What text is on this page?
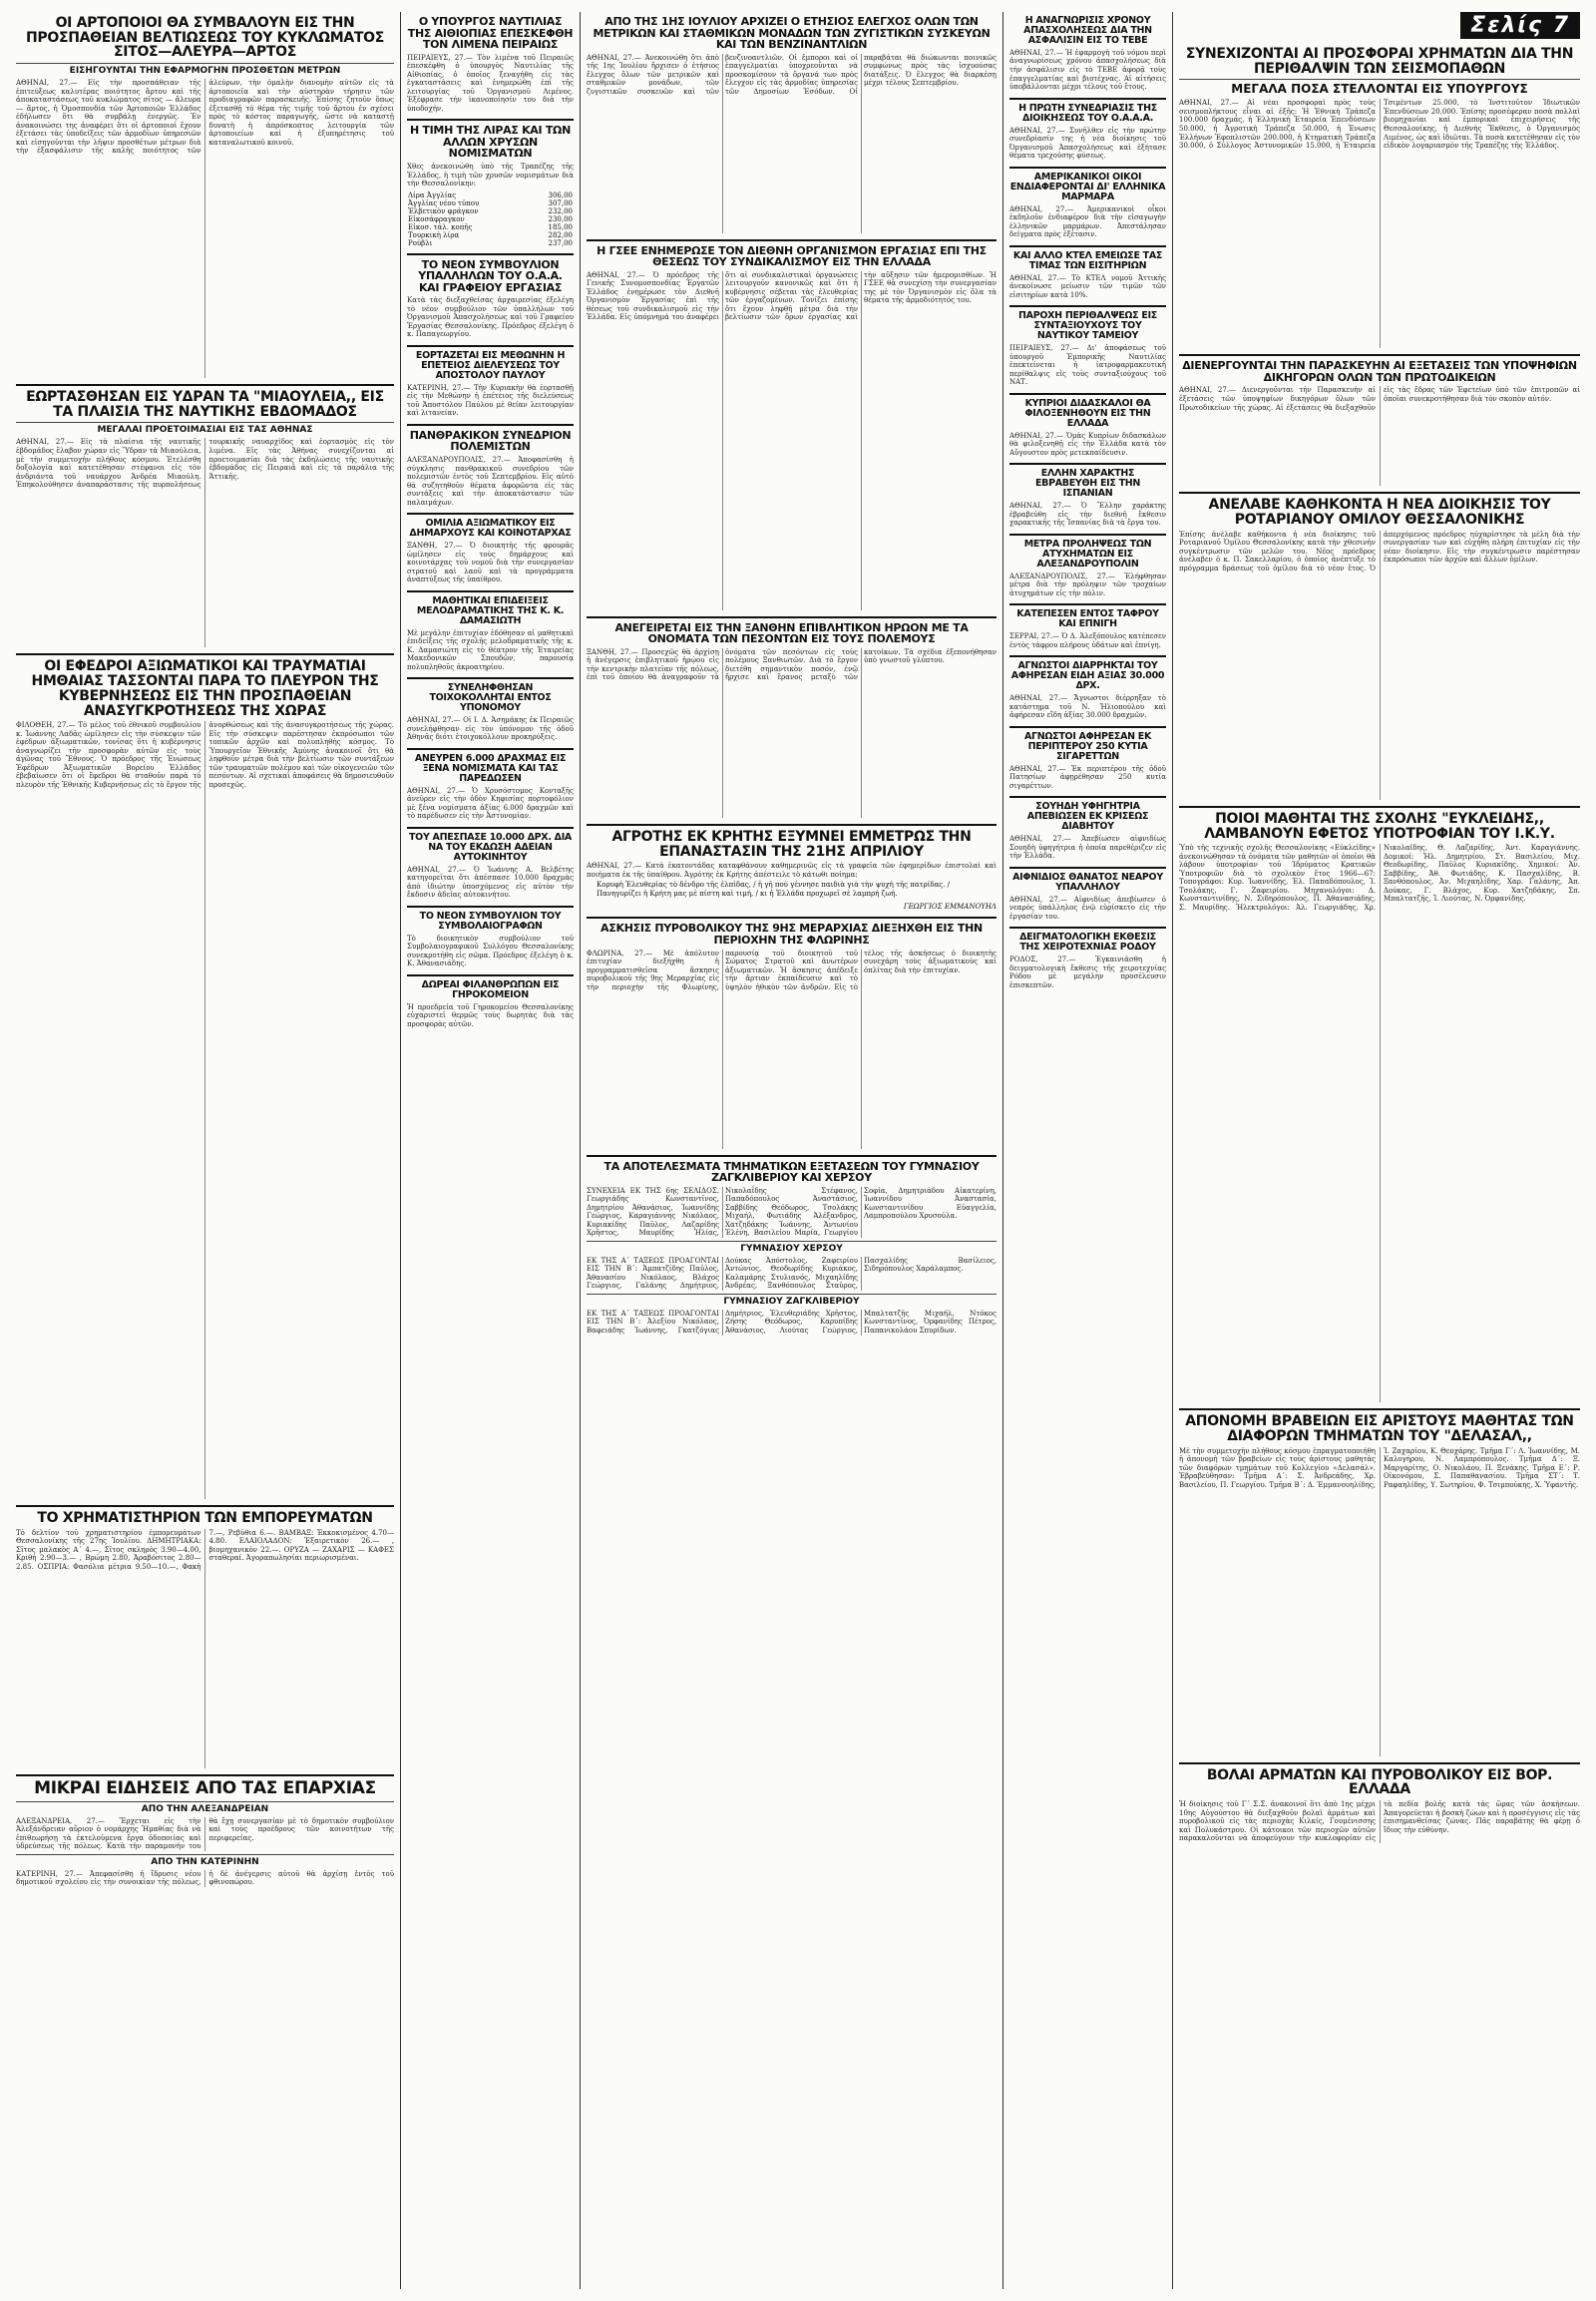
ΟΙ ΑΡΤΟΠΟΙΟΙ ΘΑ ΣΥΜΒΑΛΟΥΝ ΕΙΣ ΤΗΝ ΠΡΟΣΠΑΘΕΙΑΝ ΒΕΛΤΙΩΣΕΩΣ ΤΟΥ ΚΥΚΛΩΜΑΤΟΣ ΣΙΤΟΣ—ΑΛΕΥΡΑ—ΑΡΤΟΣ
ΕΙΣΗΓΟΥΝΤΑΙ ΤΗΝ ΕΦΑΡΜΟΓΗΝ ΠΡΟΣΘΕΤΩΝ ΜΕΤΡΩΝ
ΑΘΗΝΑΙ, 27.— Εἰς τὴν προσπάθειαν τῆς ἐπιτεύξεως καλυτέρας ποιότητος ἄρτου καὶ τῆς ἀποκαταστάσεως τοῦ κυκλώματος σῖτος — ἄλευρα — ἄρτος, ἡ Ὁμοσπονδία τῶν Ἀρτοποιῶν Ἑλλάδος ἐδήλωσεν ὅτι θὰ συμβάλῃ ἐνεργῶς. Ἐν ἀνακοινώσει της ἀναφέρει ὅτι οἱ ἀρτοποιοὶ ἔχουν ἐξετάσει τὰς ὑποδείξεις τῶν ἁρμοδίων ὑπηρεσιῶν καὶ εἰσηγοῦνται τὴν λῆψιν προσθέτων μέτρων διὰ τὴν ἐξασφάλισιν τῆς καλῆς ποιότητος τῶν ἀλεύρων, τὴν ὁμαλὴν διανομὴν αὐτῶν εἰς τὰ ἀρτοποιεῖα καὶ τὴν αὐστηρὰν τήρησιν τῶν προδιαγραφῶν παρασκευῆς. Ἐπίσης ζητοῦν ὅπως ἐξετασθῇ τὸ θέμα τῆς τιμῆς τοῦ ἄρτου ἐν σχέσει πρὸς τὸ κόστος παραγωγῆς, ὥστε νὰ καταστῇ δυνατὴ ἡ ἀπρόσκοπτος λειτουργία τῶν ἀρτοποιείων καὶ ἡ ἐξυπηρέτησις τοῦ καταναλωτικοῦ κοινοῦ.
ΕΩΡΤΑΣΘΗΣΑΝ ΕΙΣ ΥΔΡΑΝ ΤΑ "ΜΙΑΟΥΛΕΙΑ,, ΕΙΣ ΤΑ ΠΛΑΙΣΙΑ ΤΗΣ ΝΑΥΤΙΚΗΣ ΕΒΔΟΜΑΔΟΣ
ΜΕΓΑΛΑΙ ΠΡΟΕΤΟΙΜΑΣΙΑΙ ΕΙΣ ΤΑΣ ΑΘΗΝΑΣ
ΑΘΗΝΑΙ, 27.— Εἰς τὰ πλαίσια τῆς ναυτικῆς ἑβδομάδος ἔλαβον χώραν εἰς Ὕδραν τὰ Μιαούλεια, μὲ τὴν συμμετοχὴν πλήθους κόσμου. Ἐτελέσθη δοξολογία καὶ κατετέθησαν στέφανοι εἰς τὸν ἀνδριάντα τοῦ ναυάρχου Ἀνδρέα Μιαούλη. Ἐπηκολούθησεν ἀναπαράστασις τῆς πυρπολήσεως τουρκικῆς ναυαρχίδος καὶ ἑορτασμὸς εἰς τὸν λιμένα. Εἰς τὰς Ἀθήνας συνεχίζονται αἱ προετοιμασίαι διὰ τὰς ἐκδηλώσεις τῆς ναυτικῆς ἑβδομάδος εἰς Πειραιᾶ καὶ εἰς τὰ παράλια τῆς Ἀττικῆς.
ΟΙ ΕΦΕΔΡΟΙ ΑΞΙΩΜΑΤΙΚΟΙ ΚΑΙ ΤΡΑΥΜΑΤΙΑΙ ΗΜΘΑΙΑΣ ΤΑΣΣΟΝΤΑΙ ΠΑΡΑ ΤΟ ΠΛΕΥΡΟΝ ΤΗΣ ΚΥΒΕΡΝΗΣΕΩΣ ΕΙΣ ΤΗΝ ΠΡΟΣΠΑΘΕΙΑΝ ΑΝΑΣΥΓΚΡΟΤΗΣΕΩΣ ΤΗΣ ΧΩΡΑΣ
ΦΙΛΟΘΕΗ, 27.— Τὸ μέλος τοῦ ἐθνικοῦ συμβουλίου κ. Ἰωάννης Λαδᾶς ὡμίλησεν εἰς τὴν σύσκεψιν τῶν ἐφέδρων ἀξιωματικῶν, τονίσας ὅτι ἡ κυβέρνησις ἀναγνωρίζει τὴν προσφορὰν αὐτῶν εἰς τοὺς ἀγῶνας τοῦ Ἔθνους. Ὁ πρόεδρος τῆς Ἑνώσεως Ἐφέδρων Ἀξιωματικῶν Βορείου Ἑλλάδος ἐβεβαίωσεν ὅτι οἱ ἔφεδροι θὰ σταθοῦν παρὰ τὸ πλευρὸν τῆς Ἐθνικῆς Κυβερνήσεως εἰς τὸ ἔργον τῆς ἀνορθώσεως καὶ τῆς ἀνασυγκροτήσεως τῆς χώρας. Εἰς τὴν σύσκεψιν παρέστησαν ἐκπρόσωποι τῶν τοπικῶν ἀρχῶν καὶ πολυπληθὴς κόσμος. Τὸ Ὑπουργεῖον Ἐθνικῆς Ἀμύνης ἀνακοινοῖ ὅτι θὰ ληφθοῦν μέτρα διὰ τὴν βελτίωσιν τῶν συντάξεων τῶν τραυματιῶν πολέμου καὶ τῶν οἰκογενειῶν τῶν πεσόντων. Αἱ σχετικαὶ ἀποφάσεις θὰ δημοσιευθοῦν προσεχῶς.
ΤΟ ΧΡΗΜΑΤΙΣΤΗΡΙΟΝ ΤΩΝ ΕΜΠΟΡΕΥΜΑΤΩΝ
Τὸ δελτίον τοῦ χρηματιστηρίου ἐμπορευμάτων Θεσσαλονίκης τῆς 27ης Ἰουλίου. ΔΗΜΗΤΡΙΑΚΑ: Σῖτος μαλακὸς Α΄ 4.—, Σῖτος σκληρὸς 3.90—4.00, Κριθὴ 2.90—3.— , Βρώμη 2.80, Ἀραβόσιτος 2.80—2.85. ΟΣΠΡΙΑ: Φασόλια μέτρια 9.50—10.—, Φακὴ 7.—, Ρεβύθια 6.—. ΒΑΜΒΑΞ: Ἐκκοκισμένος 4.70—4.80. ΕΛΑΙΟΛΑΔΟΝ: Ἐξαιρετικὸν 26.— , βιομηχανικὸν 22.—. ΟΡΥΖΑ — ΖΑΧΑΡΙΣ — ΚΑΦΕΣ σταθεραί. Ἀγοραπωλησίαι περιωρισμέναι.
ΜΙΚΡΑΙ ΕΙΔΗΣΕΙΣ ΑΠΟ ΤΑΣ ΕΠΑΡΧΙΑΣ
ΑΠΟ ΤΗΝ ΑΛΕΞΑΝΔΡΕΙΑΝ
ΑΛΕΞΑΝΔΡΕΙΑ, 27.— Ἔρχεται εἰς τὴν Ἀλεξάνδρειαν αὔριον ὁ νομάρχης Ἠμαθίας διὰ νὰ ἐπιθεωρήσῃ τὰ ἐκτελούμενα ἔργα ὀδοποιίας καὶ ὑδρεύσεως τῆς πόλεως. Κατὰ τὴν παραμονήν του θὰ ἔχῃ συνεργασίαν μὲ τὸ δημοτικὸν συμβούλιον καὶ τοὺς προέδρους τῶν κοινοτήτων τῆς περιφερείας.
ΑΠΟ ΤΗΝ ΚΑΤΕΡΙΝΗΝ
ΚΑΤΕΡΙΝΗ, 27.— Ἀπεφασίσθη ἡ ἵδρυσις νέου δημοτικοῦ σχολείου εἰς τὴν συνοικίαν τῆς πόλεως, ἡ δὲ ἀνέγερσις αὐτοῦ θὰ ἀρχίσῃ ἐντὸς τοῦ φθινοπώρου.
Ο ΥΠΟΥΡΓΟΣ ΝΑΥΤΙΛΙΑΣ ΤΗΣ ΑΙΘΙΟΠΙΑΣ ΕΠΕΣΚΕΦΘΗ ΤΟΝ ΛΙΜΕΝΑ ΠΕΙΡΑΙΩΣ
ΠΕΙΡΑΙΕΥΣ, 27.— Τὸν λιμένα τοῦ Πειραιῶς ἐπεσκέφθη ὁ ὑπουργὸς Ναυτιλίας τῆς Αἰθιοπίας, ὁ ὁποῖος ξεναγήθη εἰς τὰς ἐγκαταστάσεις καὶ ἐνημερώθη ἐπὶ τῆς λειτουργίας τοῦ Ὀργανισμοῦ Λιμένος. Ἐξέφρασε τὴν ἱκανοποίησίν του διὰ τὴν ὑποδοχήν.
Η ΤΙΜΗ ΤΗΣ ΛΙΡΑΣ ΚΑΙ ΤΩΝ ΑΛΛΩΝ ΧΡΥΣΩΝ ΝΟΜΙΣΜΑΤΩΝ
Χθες ἀνεκοινώθη ὑπὸ τῆς Τραπέζης τῆς Ἑλλάδος, ἡ τιμὴ τῶν χρυσῶν νομισμάτων διὰ τὴν Θεσσαλονίκην:
Λίρα Ἀγγλίας	306,00
Ἀγγλίας νέου τύπου	307,00
Ἑλβετικὸν φράγκον	232,00
Εἰκοσάφραγκον	230,00
Εἰκοσ. τάλ. κοπῆς	185,00
Τουρκικὴ λίρα	282,00
Ρούβλι	237,00
ΤΟ ΝΕΟΝ ΣΥΜΒΟΥΛΙΟΝ ΥΠΑΛΛΗΛΩΝ ΤΟΥ Ο.Α.Α. ΚΑΙ ΓΡΑΦΕΙΟΥ ΕΡΓΑΣΙΑΣ
Κατὰ τὰς διεξαχθείσας ἀρχαιρεσίας ἐξελέγη τὸ νέον συμβούλιον τῶν ὑπαλλήλων τοῦ Ὀργανισμοῦ Ἀπασχολήσεως καὶ τοῦ Γραφείου Ἐργασίας Θεσσαλονίκης. Πρόεδρος ἐξελέγη ὁ κ. Παπαγεωργίου.
ΕΟΡΤΑΖΕΤΑΙ ΕΙΣ ΜΕΘΩΝΗΝ Η ΕΠΕΤΕΙΟΣ ΔΙΕΛΕΥΣΕΩΣ ΤΟΥ ΑΠΟΣΤΟΛΟΥ ΠΑΥΛΟΥ
ΚΑΤΕΡΙΝΗ, 27.— Τὴν Κυριακὴν θὰ ἑορτασθῇ εἰς τὴν Μεθώνην ἡ ἐπέτειος τῆς διελεύσεως τοῦ Ἀποστόλου Παύλου μὲ θείαν λειτουργίαν καὶ λιτανείαν.
ΠΑΝΘΡΑΚΙΚΟΝ ΣΥΝΕΔΡΙΟΝ ΠΟΛΕΜΙΣΤΩΝ
ΑΛΕΞΑΝΔΡΟΥΠΟΛΙΣ, 27.— Ἀποφασίσθη ἡ σύγκλησις πανθρακικοῦ συνεδρίου τῶν πολεμιστῶν ἐντὸς τοῦ Σεπτεμβρίου. Εἰς αὐτὸ θὰ συζητηθοῦν θέματα ἀφορῶντα εἰς τὰς συντάξεις καὶ τὴν ἀποκατάστασιν τῶν παλαιμάχων.
ΟΜΙΛΙΑ ΑΞΙΩΜΑΤΙΚΟΥ ΕΙΣ ΔΗΜΑΡΧΟΥΣ ΚΑΙ ΚΟΙΝΟΤΑΡΧΑΣ
ΞΑΝΘΗ, 27.— Ὁ διοικητὴς τῆς φρουρᾶς ὡμίλησεν εἰς τοὺς δημάρχους καὶ κοινοτάρχας τοῦ νομοῦ διὰ τὴν συνεργασίαν στρατοῦ καὶ λαοῦ καὶ τὰ προγράμματα ἀναπτύξεως τῆς ὑπαίθρου.
ΜΑΘΗΤΙΚΑΙ ΕΠΙΔΕΙΞΕΙΣ ΜΕΛΟΔΡΑΜΑΤΙΚΗΣ ΤΗΣ Κ. Κ. ΔΑΜΑΣΙΩΤΗ
Μὲ μεγάλην ἐπιτυχίαν ἐδόθησαν αἱ μαθητικαὶ ἐπιδείξεις τῆς σχολῆς μελοδραματικῆς τῆς κ. Κ. Δαμασιώτη εἰς τὸ θέατρον τῆς Ἑταιρείας Μακεδονικῶν Σπουδῶν, παρουσίᾳ πολυπληθοῦς ἀκροατηρίου.
ΣΥΝΕΛΗΦΘΗΣΑΝ ΤΟΙΧΟΚΟΛΛΗΤΑΙ ΕΝΤΟΣ ΥΠΟΝΟΜΟΥ
ΑΘΗΝΑΙ, 27.— Οἱ Ι. Δ. Ἀσημάκης ἐκ Πειραιῶς συνελήφθησαν εἰς τὸν ὑπόνομον τῆς ὁδοῦ Ἀθηνᾶς διότι ἐτοιχοκόλλουν προκηρύξεις.
ΑΝΕΥΡΕΝ 6.000 ΔΡΑΧΜΑΣ ΕΙΣ ΞΕΝΑ ΝΟΜΙΣΜΑΤΑ ΚΑΙ ΤΑΣ ΠΑΡΕΔΩΣΕΝ
ΑΘΗΝΑΙ, 27.— Ὁ Χρυσόστομος Κονταξῆς ἀνεῦρεν εἰς τὴν ὁδὸν Κηφισίας πορτοφόλιον μὲ ξένα νομίσματα ἀξίας 6.000 δραχμῶν καὶ τὸ παρέδωσεν εἰς τὴν Ἀστυνομίαν.
ΤΟΥ ΑΠΕΣΠΑΣΕ 10.000 ΔΡΧ. ΔΙΑ ΝΑ ΤΟΥ ΕΚΔΩΣΗ ΑΔΕΙΑΝ ΑΥΤΟΚΙΝΗΤΟΥ
ΑΘΗΝΑΙ, 27.— Ὁ Ἰωάννης Α. Βελβέτης κατηγορεῖται ὅτι ἀπέσπασε 10.000 δραχμὰς ἀπὸ ἰδιώτην ὑποσχόμενος εἰς αὐτὸν τὴν ἔκδοσιν ἀδείας αὐτοκινήτου.
ΤΟ ΝΕΟΝ ΣΥΜΒΟΥΛΙΟΝ ΤΟΥ ΣΥΜΒΟΛΑΙΟΓΡΑΦΩΝ
Τὸ διοικητικὸν συμβούλιον τοῦ Συμβολαιογραφικοῦ Συλλόγου Θεσσαλονίκης συνεκροτήθη εἰς σῶμα. Πρόεδρος ἐξελέγη ὁ κ. Κ. Ἀθανασιάδης.
ΔΩΡΕΑΙ ΦΙΛΑΝΘΡΩΠΩΝ ΕΙΣ ΓΗΡΟΚΟΜΕΙΟΝ
Ἡ προεδρεία τοῦ Γηροκομείου Θεσσαλονίκης εὐχαριστεῖ θερμῶς τοὺς δωρητὰς διὰ τὰς προσφορὰς αὐτῶν.
ΑΠΟ ΤΗΣ 1ΗΣ ΙΟΥΛΙΟΥ ΑΡΧΙΖΕΙ Ο ΕΤΗΣΙΟΣ ΕΛΕΓΧΟΣ ΟΛΩΝ ΤΩΝ ΜΕΤΡΙΚΩΝ ΚΑΙ ΣΤΑΘΜΙΚΩΝ ΜΟΝΑΔΩΝ ΤΩΝ ΖΥΓΙΣΤΙΚΩΝ ΣΥΣΚΕΥΩΝ ΚΑΙ ΤΩΝ ΒΕΝΖΙΝΑΝΤΛΙΩΝ
ΑΘΗΝΑΙ, 27.— Ἀνεκοινώθη ὅτι ἀπὸ τῆς 1ης Ἰουλίου ἤρχισεν ὁ ἐτήσιος ἔλεγχος ὅλων τῶν μετρικῶν καὶ σταθμικῶν μονάδων, τῶν ζυγιστικῶν συσκευῶν καὶ τῶν βενζινοαντλιῶν. Οἱ ἔμποροι καὶ οἱ ἐπαγγελματίαι ὑποχρεοῦνται νὰ προσκομίσουν τὰ ὄργανά των πρὸς ἔλεγχον εἰς τὰς ἁρμοδίας ὑπηρεσίας τῶν Δημοσίων Ἐσόδων. Οἱ παραβάται θὰ διώκωνται ποινικῶς συμφώνως πρὸς τὰς ἰσχυούσας διατάξεις. Ὁ ἔλεγχος θὰ διαρκέσῃ μέχρι τέλους Σεπτεμβρίου.
Η ΓΣΕΕ ΕΝΗΜΕΡΩΣΕ ΤΟΝ ΔΙΕΘΝΗ ΟΡΓΑΝΙΣΜΟΝ ΕΡΓΑΣΙΑΣ ΕΠΙ ΤΗΣ ΘΕΣΕΩΣ ΤΟΥ ΣΥΝΔΙΚΑΛΙΣΜΟΥ ΕΙΣ ΤΗΝ ΕΛΛΑΔΑ
ΑΘΗΝΑΙ, 27.— Ὁ πρόεδρος τῆς Γενικῆς Συνομοσπονδίας Ἐργατῶν Ἑλλάδος ἐνημέρωσε τὸν Διεθνῆ Ὀργανισμὸν Ἐργασίας ἐπὶ τῆς θέσεως τοῦ συνδικαλισμοῦ εἰς τὴν Ἑλλάδα. Εἰς ὑπόμνημά του ἀναφέρει ὅτι αἱ συνδικαλιστικαὶ ὀργανώσεις λειτουργοῦν κανονικῶς καὶ ὅτι ἡ κυβέρνησις σέβεται τὰς ἐλευθερίας τῶν ἐργαζομένων. Τονίζει ἐπίσης ὅτι ἔχουν ληφθῆ μέτρα διὰ τὴν βελτίωσιν τῶν ὅρων ἐργασίας καὶ τὴν αὔξησιν τῶν ἡμερομισθίων. Ἡ ΓΣΕΕ θὰ συνεχίσῃ τὴν συνεργασίαν της μὲ τὸν Ὀργανισμὸν εἰς ὅλα τὰ θέματα τῆς ἁρμοδιότητός του.
ΑΝΕΓΕΙΡΕΤΑΙ ΕΙΣ ΤΗΝ ΞΑΝΘΗΝ ΕΠΙΒΛΗΤΙΚΟΝ ΗΡΩΟΝ ΜΕ ΤΑ ΟΝΟΜΑΤΑ ΤΩΝ ΠΕΣΟΝΤΩΝ ΕΙΣ ΤΟΥΣ ΠΟΛΕΜΟΥΣ
ΞΑΝΘΗ, 27.— Προσεχῶς θὰ ἀρχίσῃ ἡ ἀνέγερσις ἐπιβλητικοῦ ἡρῴου εἰς τὴν κεντρικὴν πλατεῖαν τῆς πόλεως, ἐπὶ τοῦ ὁποίου θὰ ἀναγραφοῦν τὰ ὀνόματα τῶν πεσόντων εἰς τοὺς πολέμους Ξανθιωτῶν. Διὰ τὸ ἔργον διετέθη σημαντικὸν ποσόν, ἐνῷ ἤρχισε καὶ ἔρανος μεταξὺ τῶν κατοίκων. Τὰ σχέδια ἐξεπονήθησαν ὑπὸ γνωστοῦ γλύπτου.
ΑΓΡΟΤΗΣ ΕΚ ΚΡΗΤΗΣ ΕΞΥΜΝΕΙ ΕΜΜΕΤΡΩΣ ΤΗΝ ΕΠΑΝΑΣΤΑΣΙΝ ΤΗΣ 21ΗΣ ΑΠΡΙΛΙΟΥ
ΑΘΗΝΑΙ, 27.— Κατὰ ἐκατοντάδας καταφθάνουν καθημερινῶς εἰς τὰ γραφεῖα τῶν ἐφημερίδων ἐπιστολαὶ καὶ ποιήματα ἐκ τῆς ὑπαίθρου. Ἀγρότης ἐκ Κρήτης ἀπέστειλε τὸ κάτωθι ποίημα:
Κορυφὴ Ἐλευθερίας τὸ δένδρο τῆς ἐλπίδας, / ἡ γῆ πού γέννησε παιδιὰ γιὰ τὴν ψυχὴ τῆς πατρίδας. / Πανηγυρίζει ἡ Κρήτη μας μὲ πίστη καὶ τιμή, / κι ἡ Ἑλλάδα προχωρεῖ σὲ λαμπρή ζωή.
ΓΕΩΡΓΙΟΣ ΕΜΜΑΝΟΥΗΛ
ΑΣΚΗΣΙΣ ΠΥΡΟΒΟΛΙΚΟΥ ΤΗΣ 9ΗΣ ΜΕΡΑΡΧΙΑΣ ΔΙΕΞΗΧΘΗ ΕΙΣ ΤΗΝ ΠΕΡΙΟΧΗΝ ΤΗΣ ΦΛΩΡΙΝΗΣ
ΦΛΩΡΙΝΑ, 27.— Μὲ ἀπόλυτον ἐπιτυχίαν διεξήχθη ἡ προγραμματισθεῖσα ἄσκησις πυροβολικοῦ τῆς 9ης Μεραρχίας εἰς τὴν περιοχὴν τῆς Φλωρίνης, παρουσίᾳ τοῦ διοικητοῦ τοῦ Σώματος Στρατοῦ καὶ ἀνωτέρων ἀξιωματικῶν. Ἡ ἄσκησις ἀπέδειξε τὴν ἄρτιαν ἐκπαίδευσιν καὶ τὸ ὑψηλὸν ἠθικὸν τῶν ἀνδρῶν. Εἰς τὸ τέλος τῆς ἀσκήσεως ὁ διοικητὴς συνεχάρη τοὺς ἀξιωματικοὺς καὶ ὁπλίτας διὰ τὴν ἐπιτυχίαν.
ΤΑ ΑΠΟΤΕΛΕΣΜΑΤΑ ΤΜΗΜΑΤΙΚΩΝ ΕΞΕΤΑΣΕΩΝ ΤΟΥ ΓΥΜΝΑΣΙΟΥ ΖΑΓΚΛΙΒΕΡΙΟΥ ΚΑΙ ΧΕΡΣΟΥ
ΣΥΝΕΧΕΙΑ ΕΚ ΤΗΣ 6ης ΣΕΛΙΔΟΣ. Γεωργιάδης Κωνσταντῖνος, Δημητρίου Ἀθανάσιος, Ἰωαννίδης Γεώργιος, Καραγιάννης Νικόλαος, Κυριακίδης Παῦλος, Λαζαρίδης Χρῆστος, Μαυρίδης Ἠλίας, Νικολαΐδης Στέφανος, Παπαδόπουλος Ἀναστάσιος, Σαββίδης Θεόδωρος, Τσολάκης Μιχαήλ, Φωτιάδης Ἀλέξανδρος, Χατζηδάκης Ἰωάννης, Ἀντωνίου Ἑλένη, Βασιλείου Μαρία, Γεωργίου Σοφία, Δημητριάδου Αἰκατερίνη, Ἰωαννίδου Ἀναστασία, Κωνσταντινίδου Εὐαγγελία, Λαμπροπούλου Χρυσούλα.
ΓΥΜΝΑΣΙΟΥ ΧΕΡΣΟΥ
ΕΚ ΤΗΣ Α΄ ΤΑΞΕΩΣ ΠΡΟΑΓΟΝΤΑΙ ΕΙΣ ΤΗΝ Β΄: Ἀμπατζίδης Παῦλος, Ἀθανασίου Νικόλαος, Βλάχος Γεώργιος, Γαλάνης Δημήτριος, Δούκας Ἀπόστολος, Ζαφειρίου Ἀντώνιος, Θεοδωρίδης Κυριάκος, Καλαμάρης Στυλιανός, Μιχαηλίδης Ἀνδρέας, Ξανθόπουλος Σταῦρος, Πασχαλίδης Βασίλειος, Σιδηρόπουλος Χαράλαμπος.
ΓΥΜΝΑΣΙΟΥ ΖΑΓΚΛΙΒΕΡΙΟΥ
ΕΚ ΤΗΣ Α΄ ΤΑΞΕΩΣ ΠΡΟΑΓΟΝΤΑΙ ΕΙΣ ΤΗΝ Β΄: Ἀλεξίου Νικόλαος, Βαφειάδης Ἰωάννης, Γκατζόγιας Δημήτριος, Ἐλευθεριάδης Χρῆστος, Ζήσης Θεόδωρος, Καρυπίδης Ἀθανάσιος, Λιούτας Γεώργιος, Μπαλτατζῆς Μιχαήλ, Ντόκος Κωνσταντῖνος, Ὀρφανίδης Πέτρος, Παπανικολάου Σπυρίδων.
Η ΑΝΑΓΝΩΡΙΣΙΣ ΧΡΟΝΟΥ ΑΠΑΣΧΟΛΗΣΕΩΣ ΔΙΑ ΤΗΝ ΑΣΦΑΛΙΣΙΝ ΕΙΣ ΤΟ ΤΕΒΕ
ΑΘΗΝΑΙ, 27.— Ἡ ἐφαρμογὴ τοῦ νόμου περὶ ἀναγνωρίσεως χρόνου ἀπασχολήσεως διὰ τὴν ἀσφάλισιν εἰς τὸ ΤΕΒΕ ἀφορᾷ τοὺς ἐπαγγελματίας καὶ βιοτέχνας. Αἱ αἰτήσεις ὑποβάλλονται μέχρι τέλους τοῦ ἔτους.
Η ΠΡΩΤΗ ΣΥΝΕΔΡΙΑΣΙΣ ΤΗΣ ΔΙΟΙΚΗΣΕΩΣ ΤΟΥ Ο.Α.Α.Α.
ΑΘΗΝΑΙ, 27.— Συνῆλθεν εἰς τὴν πρώτην συνεδρίασίν της ἡ νέα διοίκησις τοῦ Ὀργανισμοῦ Ἀπασχολήσεως καὶ ἐξήτασε θέματα τρεχούσης φύσεως.
ΑΜΕΡΙΚΑΝΙΚΟΙ ΟΙΚΟΙ ΕΝΔΙΑΦΕΡΟΝΤΑΙ ΔΙ' ΕΛΛΗΝΙΚΑ ΜΑΡΜΑΡΑ
ΑΘΗΝΑΙ, 27.— Ἀμερικανικοὶ οἶκοι ἐκδηλοῦν ἐνδιαφέρον διὰ τὴν εἰσαγωγὴν ἑλληνικῶν μαρμάρων. Ἀπεστάλησαν δείγματα πρὸς ἐξέτασιν.
ΚΑΙ ΑΛΛΟ ΚΤΕΛ ΕΜΕΙΩΣΕ ΤΑΣ ΤΙΜΑΣ ΤΩΝ ΕΙΣΙΤΗΡΙΩΝ
ΑΘΗΝΑΙ, 27.— Τὸ ΚΤΕΛ νομοῦ Ἀττικῆς ἀνεκοίνωσε μείωσιν τῶν τιμῶν τῶν εἰσιτηρίων κατὰ 10%.
ΠΑΡΟΧΗ ΠΕΡΙΘΑΛΨΕΩΣ ΕΙΣ ΣΥΝΤΑΞΙΟΥΧΟΥΣ ΤΟΥ ΝΑΥΤΙΚΟΥ ΤΑΜΕΙΟΥ
ΠΕΙΡΑΙΕΥΣ, 27.— Δι' ἀποφάσεως τοῦ ὑπουργοῦ Ἐμπορικῆς Ναυτιλίας ἐπεκτείνεται ἡ ἰατροφαρμακευτικὴ περίθαλψις εἰς τοὺς συνταξιούχους τοῦ ΝΑΤ.
ΚΥΠΡΙΟΙ ΔΙΔΑΣΚΑΛΟΙ ΘΑ ΦΙΛΟΞΕΝΗΘΟΥΝ ΕΙΣ ΤΗΝ ΕΛΛΑΔΑ
ΑΘΗΝΑΙ, 27.— Ὁμὰς Κυπρίων διδασκάλων θὰ φιλοξενηθῇ εἰς τὴν Ἑλλάδα κατὰ τὸν Αὔγουστον πρὸς μετεκπαίδευσιν.
ΕΛΛΗΝ ΧΑΡΑΚΤΗΣ ΕΒΡΑΒΕΥΘΗ ΕΙΣ ΤΗΝ ΙΣΠΑΝΙΑΝ
ΑΘΗΝΑΙ, 27.— Ὁ Ἕλλην χαράκτης ἐβραβεύθη εἰς τὴν διεθνῆ ἔκθεσιν χαρακτικῆς τῆς Ἰσπανίας διὰ τὰ ἔργα του.
ΜΕΤΡΑ ΠΡΟΛΗΨΕΩΣ ΤΩΝ ΑΤΥΧΗΜΑΤΩΝ ΕΙΣ ΑΛΕΞΑΝΔΡΟΥΠΟΛΙΝ
ΑΛΕΞΑΝΔΡΟΥΠΟΛΙΣ, 27.— Ἐλήφθησαν μέτρα διὰ τὴν πρόληψιν τῶν τροχαίων ἀτυχημάτων εἰς τὴν πόλιν.
ΚΑΤΕΠΕΣΕΝ ΕΝΤΟΣ ΤΑΦΡΟΥ ΚΑΙ ΕΠΝΙΓΗ
ΣΕΡΡΑΙ, 27.— Ὁ Δ. Ἀλεξόπουλος κατέπεσεν ἐντὸς τάφρου πλήρους ὑδάτων καὶ ἐπνίγη.
ΑΓΝΩΣΤΟΙ ΔΙΑΡΡΗΚΤΑΙ ΤΟΥ ΑΦΗΡΕΣΑΝ ΕΙΔΗ ΑΞΙΑΣ 30.000 ΔΡΧ.
ΑΘΗΝΑΙ, 27.— Ἄγνωστοι διέρρηξαν τὸ κατάστημα τοῦ Ν. Ἠλιοπούλου καὶ ἀφήρεσαν εἴδη ἀξίας 30.000 δραχμῶν.
ΑΓΝΩΣΤΟΙ ΑΦΗΡΕΣΑΝ ΕΚ ΠΕΡΙΠΤΕΡΟΥ 250 ΚΥΤΙΑ ΣΙΓΑΡΕΤΤΩΝ
ΑΘΗΝΑΙ, 27.— Ἐκ περιπτέρου τῆς ὁδοῦ Πατησίων ἀφῃρέθησαν 250 κυτία σιγαρέττων.
ΣΟΥΗΔΗ ΥΦΗΓΗΤΡΙΑ ΑΠΕΒΙΩΣΕΝ ΕΚ ΚΡΙΣΕΩΣ ΔΙΑΒΗΤΟΥ
ΑΘΗΝΑΙ, 27.— Ἀπεβίωσεν αἰφνιδίως Σουηδὴ ὑφηγήτρια ἡ ὁποία παρεθέριζεν εἰς τὴν Ἑλλάδα.
ΑΙΦΝΙΔΙΟΣ ΘΑΝΑΤΟΣ ΝΕΑΡΟΥ ΥΠΑΛΛΗΛΟΥ
ΑΘΗΝΑΙ, 27.— Αἰφνιδίως ἀπεβίωσεν ὁ νεαρὸς ὑπάλληλος ἐνῷ εὑρίσκετο εἰς τὴν ἐργασίαν του.
ΔΕΙΓΜΑΤΟΛΟΓΙΚΗ ΕΚΘΕΣΙΣ ΤΗΣ ΧΕΙΡΟΤΕΧΝΙΑΣ ΡΟΔΟΥ
ΡΟΔΟΣ, 27.— Ἐγκαινιάσθη ἡ δειγματολογικὴ ἔκθεσις τῆς χειροτεχνίας Ρόδου μὲ μεγάλην προσέλευσιν ἐπισκεπτῶν.
Σελίς 7
ΣΥΝΕΧΙΖΟΝΤΑΙ ΑΙ ΠΡΟΣΦΟΡΑΙ ΧΡΗΜΑΤΩΝ ΔΙΑ ΤΗΝ ΠΕΡΙΘΑΛΨΙΝ ΤΩΝ ΣΕΙΣΜΟΠΑΘΩΝ
ΜΕΓΑΛΑ ΠΟΣΑ ΣΤΕΛΛΟΝΤΑΙ ΕΙΣ ΥΠΟΥΡΓΟΥΣ
ΑΘΗΝΑΙ, 27.— Αἱ νέαι προσφοραὶ πρὸς τοὺς σεισμοπλήκτους εἶναι αἱ ἑξῆς: Ἡ Ἐθνικὴ Τράπεζα 100.000 δραχμάς, ἡ Ἑλληνικὴ Ἑταιρεία Ἐπενδύσεων 50.000, ἡ Ἀγροτικὴ Τράπεζα 50.000, ἡ Ἑνωσις Ἑλλήνων Ἐφοπλιστῶν 200.000, ἡ Κτηματικὴ Τράπεζα 30.000, ὁ Σύλλογος Ἀστυνομικῶν 15.000, ἡ Ἑταιρεία Τσιμέντων 25.000, τὸ Ἰνστιτοῦτον Ἰδιωτικῶν Ἐπενδύσεων 20.000. Ἐπίσης προσέφεραν ποσὰ πολλαὶ βιομηχανίαι καὶ ἐμπορικαὶ ἑπιχειρήσεις τῆς Θεσσαλονίκης, ἡ Διεθνὴς Ἔκθεσις, ὁ Ὀργανισμὸς Λιμένος, ὡς καὶ ἰδιῶται. Τὰ ποσὰ κατετέθησαν εἰς τὸν εἰδικὸν λογαριασμὸν τῆς Τραπέζης τῆς Ἑλλάδος.
ΔΙΕΝΕΡΓΟΥΝΤΑΙ ΤΗΝ ΠΑΡΑΣΚΕΥΗΝ ΑΙ ΕΞΕΤΑΣΕΙΣ ΤΩΝ ΥΠΟΨΗΦΙΩΝ ΔΙΚΗΓΟΡΩΝ ΟΛΩΝ ΤΩΝ ΠΡΩΤΟΔΙΚΕΙΩΝ
ΑΘΗΝΑΙ, 27.— Διενεργοῦνται τὴν Παρασκευὴν αἱ ἐξετάσεις τῶν ὑποψηφίων δικηγόρων ὅλων τῶν Πρωτοδικείων τῆς χώρας. Αἱ ἐξετάσεις θὰ διεξαχθοῦν εἰς τὰς ἕδρας τῶν Ἐφετείων ὑπὸ τῶν ἐπιτροπῶν αἱ ὁποῖαι συνεκροτήθησαν διὰ τὸν σκοπὸν αὐτόν.
ΑΝΕΛΑΒΕ ΚΑΘΗΚΟΝΤΑ Η ΝΕΑ ΔΙΟΙΚΗΣΙΣ ΤΟΥ ΡΟΤΑΡΙΑΝΟΥ ΟΜΙΛΟΥ ΘΕΣΣΑΛΟΝΙΚΗΣ
Ἐπίσης ἀνέλαβε καθήκοντα ἡ νέα διοίκησις τοῦ Ροταριανοῦ Ὁμίλου Θεσσαλονίκης κατὰ τὴν χθεσινὴν συγκέντρωσιν τῶν μελῶν του. Νέος πρόεδρος ἀνέλαβεν ὁ κ. Π. Σακελλαρίου, ὁ ὁποῖος ἀνέπτυξε τὸ πρόγραμμα δράσεως τοῦ ὁμίλου διὰ τὸ νέον ἔτος. Ὁ ἀπερχόμενος πρόεδρος ηὐχαρίστησε τὰ μέλη διὰ τὴν συνεργασίαν των καὶ εὐχήθη πλήρη ἐπιτυχίαν εἰς τὴν νέαν διοίκησιν. Εἰς τὴν συγκέντρωσιν παρέστησαν ἐκπρόσωποι τῶν ἀρχῶν καὶ ἄλλων ὁμίλων.
ΠΟΙΟΙ ΜΑΘΗΤΑΙ ΤΗΣ ΣΧΟΛΗΣ "ΕΥΚΛΕΙΔΗΣ,, ΛΑΜΒΑΝΟΥΝ ΕΦΕΤΟΣ ΥΠΟΤΡΟΦΙΑΝ ΤΟΥ Ι.Κ.Υ.
Ὑπὸ τῆς τεχνικῆς σχολῆς Θεσσαλονίκης «Εὐκλείδης» ἀνεκοινώθησαν τὰ ὀνόματα τῶν μαθητῶν οἱ ὁποῖοι θὰ λάβουν ὑποτροφίαν τοῦ Ἱδρύματος Κρατικῶν Ὑποτροφιῶν διὰ τὸ σχολικὸν ἔτος 1966—67: Τοπογράφοι: Κυρ. Ἰωαννίδης, Ἐλ. Παπαδόπουλος, Ἰ. Τσολάκης, Γ. Ζαφειρίου. Μηχανολόγοι: Δ. Κωνσταντινίδης, Ν. Σιδηρόπουλος, Π. Ἀθανασιάδης, Σ. Μαυρίδης. Ἠλεκτρολόγοι: Ἀλ. Γεωργιάδης, Χρ. Νικολαΐδης, Θ. Λαζαρίδης, Ἀντ. Καραγιάννης. Δομικοί: Ἠλ. Δημητρίου, Στ. Βασιλείου, Μιχ. Θεοδωρίδης, Παῦλος Κυριακίδης. Χημικοί: Ἀν. Σαββίδης, Ἀθ. Φωτιάδης, Κ. Πασχαλίδης, Β. Ξανθόπουλος, Ἀν. Μιχαηλίδης, Χαρ. Γαλάνης, Ἀπ. Δούκας, Γ. Βλάχος, Κυρ. Χατζηδάκης, Σπ. Μπαλτατζῆς, Ἰ. Λιούτας, Ν. Ὀρφανίδης.
ΑΠΟΝΟΜΗ ΒΡΑΒΕΙΩΝ ΕΙΣ ΑΡΙΣΤΟΥΣ ΜΑΘΗΤΑΣ ΤΩΝ ΔΙΑΦΟΡΩΝ ΤΜΗΜΑΤΩΝ ΤΟΥ "ΔΕΛΑΣΑΛ,,
Μὲ τὴν συμμετοχὴν πλήθους κόσμου ἐπραγματοποιήθη ἡ ἀπονομὴ τῶν βραβείων εἰς τοὺς ἀρίστους μαθητὰς τῶν διαφόρων τμημάτων τοῦ Κολλεγίου «Δελασάλ». Ἐβραβεύθησαν: Τμῆμα Α΄: Σ. Ἀνδρεάδης, Χρ. Βασιλείου, Π. Γεωργίου. Τμῆμα Β΄: Δ. Ἐμμανουηλίδης, Ἰ. Ζαχαρίου, Κ. Θεοχάρης. Τμῆμα Γ΄: Λ. Ἰωαννίδης, Μ. Καλογήρου, Ν. Λαμπρόπουλος. Τμῆμα Δ΄: Ξ. Μαργαρίτης, Ο. Νικολάου, Π. Ξενάκης. Τμῆμα Ε΄: Ρ. Οἰκονόμου, Σ. Παπαθανασίου. Τμῆμα ΣΤ΄: Τ. Ραφαηλίδης, Υ. Σωτηρίου, Φ. Τσιμπούκης, Χ. Ὑφαντῆς.
ΒΟΛΑΙ ΑΡΜΑΤΩΝ ΚΑΙ ΠΥΡΟΒΟΛΙΚΟΥ ΕΙΣ ΒΟΡ. ΕΛΛΑΔΑ
Ἡ διοίκησις τοῦ Γ΄ Σ.Σ. ἀνακοινοῖ ὅτι ἀπὸ 1ης μέχρι 10ης Αὐγούστου θὰ διεξαχθοῦν βολαὶ ἁρμάτων καὶ πυροβολικοῦ εἰς τὰς περιοχὰς Κιλκίς, Γουμένισσης καὶ Πολυκάστρου. Οἱ κάτοικοι τῶν περιοχῶν αὐτῶν παρακαλοῦνται νὰ ἀποφεύγουν τὴν κυκλοφορίαν εἰς τὰ πεδία βολῆς κατὰ τὰς ὥρας τῶν ἀσκήσεων. Ἀπαγορεύεται ἡ βοσκὴ ζώων καὶ ἡ προσέγγισις εἰς τὰς ἐπισημανθείσας ζώνας. Πᾶς παραβάτης θὰ φέρῃ ὁ ἴδιος τὴν εὐθύνην.
